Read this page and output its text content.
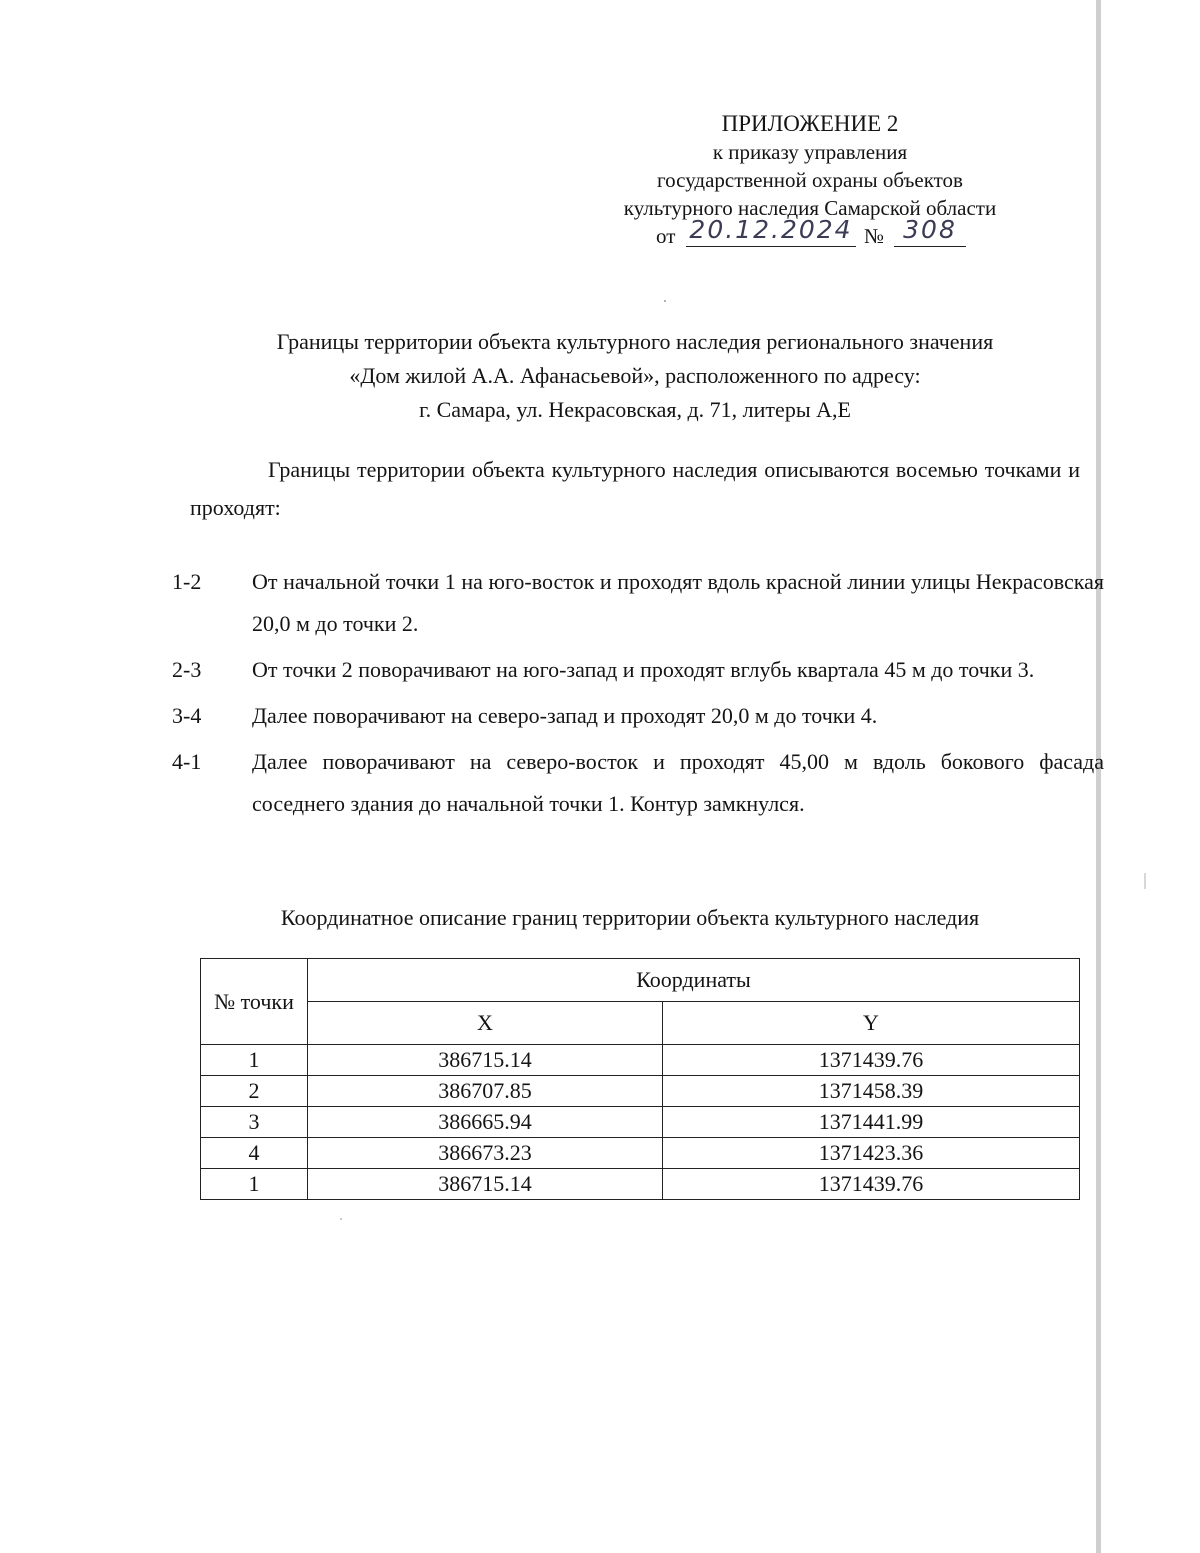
ПРИЛОЖЕНИЕ 2
к приказу управления
государственной охраны объектов
культурного наследия Самарской области
от 20.12.2024 № 308
Границы территории объекта культурного наследия регионального значения
«Дом жилой А.А. Афанасьевой», расположенного по адресу:
г. Самара, ул. Некрасовская, д. 71, литеры А,Е
Границы территории объекта культурного наследия описываются восемью точками и проходят:
1-2 От начальной точки 1 на юго-восток и проходят вдоль красной линии улицы Некрасовская 20,0 м до точки 2.
2-3 От точки 2 поворачивают на юго-запад и проходят вглубь квартала 45 м до точки 3.
3-4 Далее поворачивают на северо-запад и проходят 20,0 м до точки 4.
4-1 Далее поворачивают на северо-восток и проходят 45,00 м вдоль бокового фасада соседнего здания до начальной точки 1. Контур замкнулся.
Координатное описание границ территории объекта культурного наследия
№ точки	Координаты	
	X	Y
1	386715.14	1371439.76
2	386707.85	1371458.39
3	386665.94	1371441.99
4	386673.23	1371423.36
1	386715.14	1371439.76
